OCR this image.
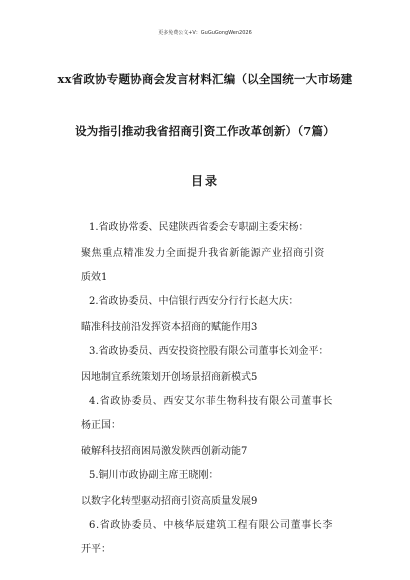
更多免费公文+V：GuGuGongWen2026
xx省政协专题协商会发言材料汇编（以全国统一大市场建
设为指引推动我省招商引资工作改革创新）（7篇）
目录
1.省政协常委、民建陕西省委会专职副主委宋杨：
聚焦重点精准发力全面提升我省新能源产业招商引资
质效1
2.省政协委员、中信银行西安分行行长赵大庆：
瞄准科技前沿发挥资本招商的赋能作用3
3.省政协委员、西安投资控股有限公司董事长刘金平：
因地制宜系统策划开创场景招商新模式5
4.省政协委员、西安艾尔菲生物科技有限公司董事长
杨正国：
破解科技招商困局激发陕西创新动能7
5.铜川市政协副主席王晓刚：
以数字化转型驱动招商引资高质量发展9
6.省政协委员、中核华辰建筑工程有限公司董事长李
开平：
